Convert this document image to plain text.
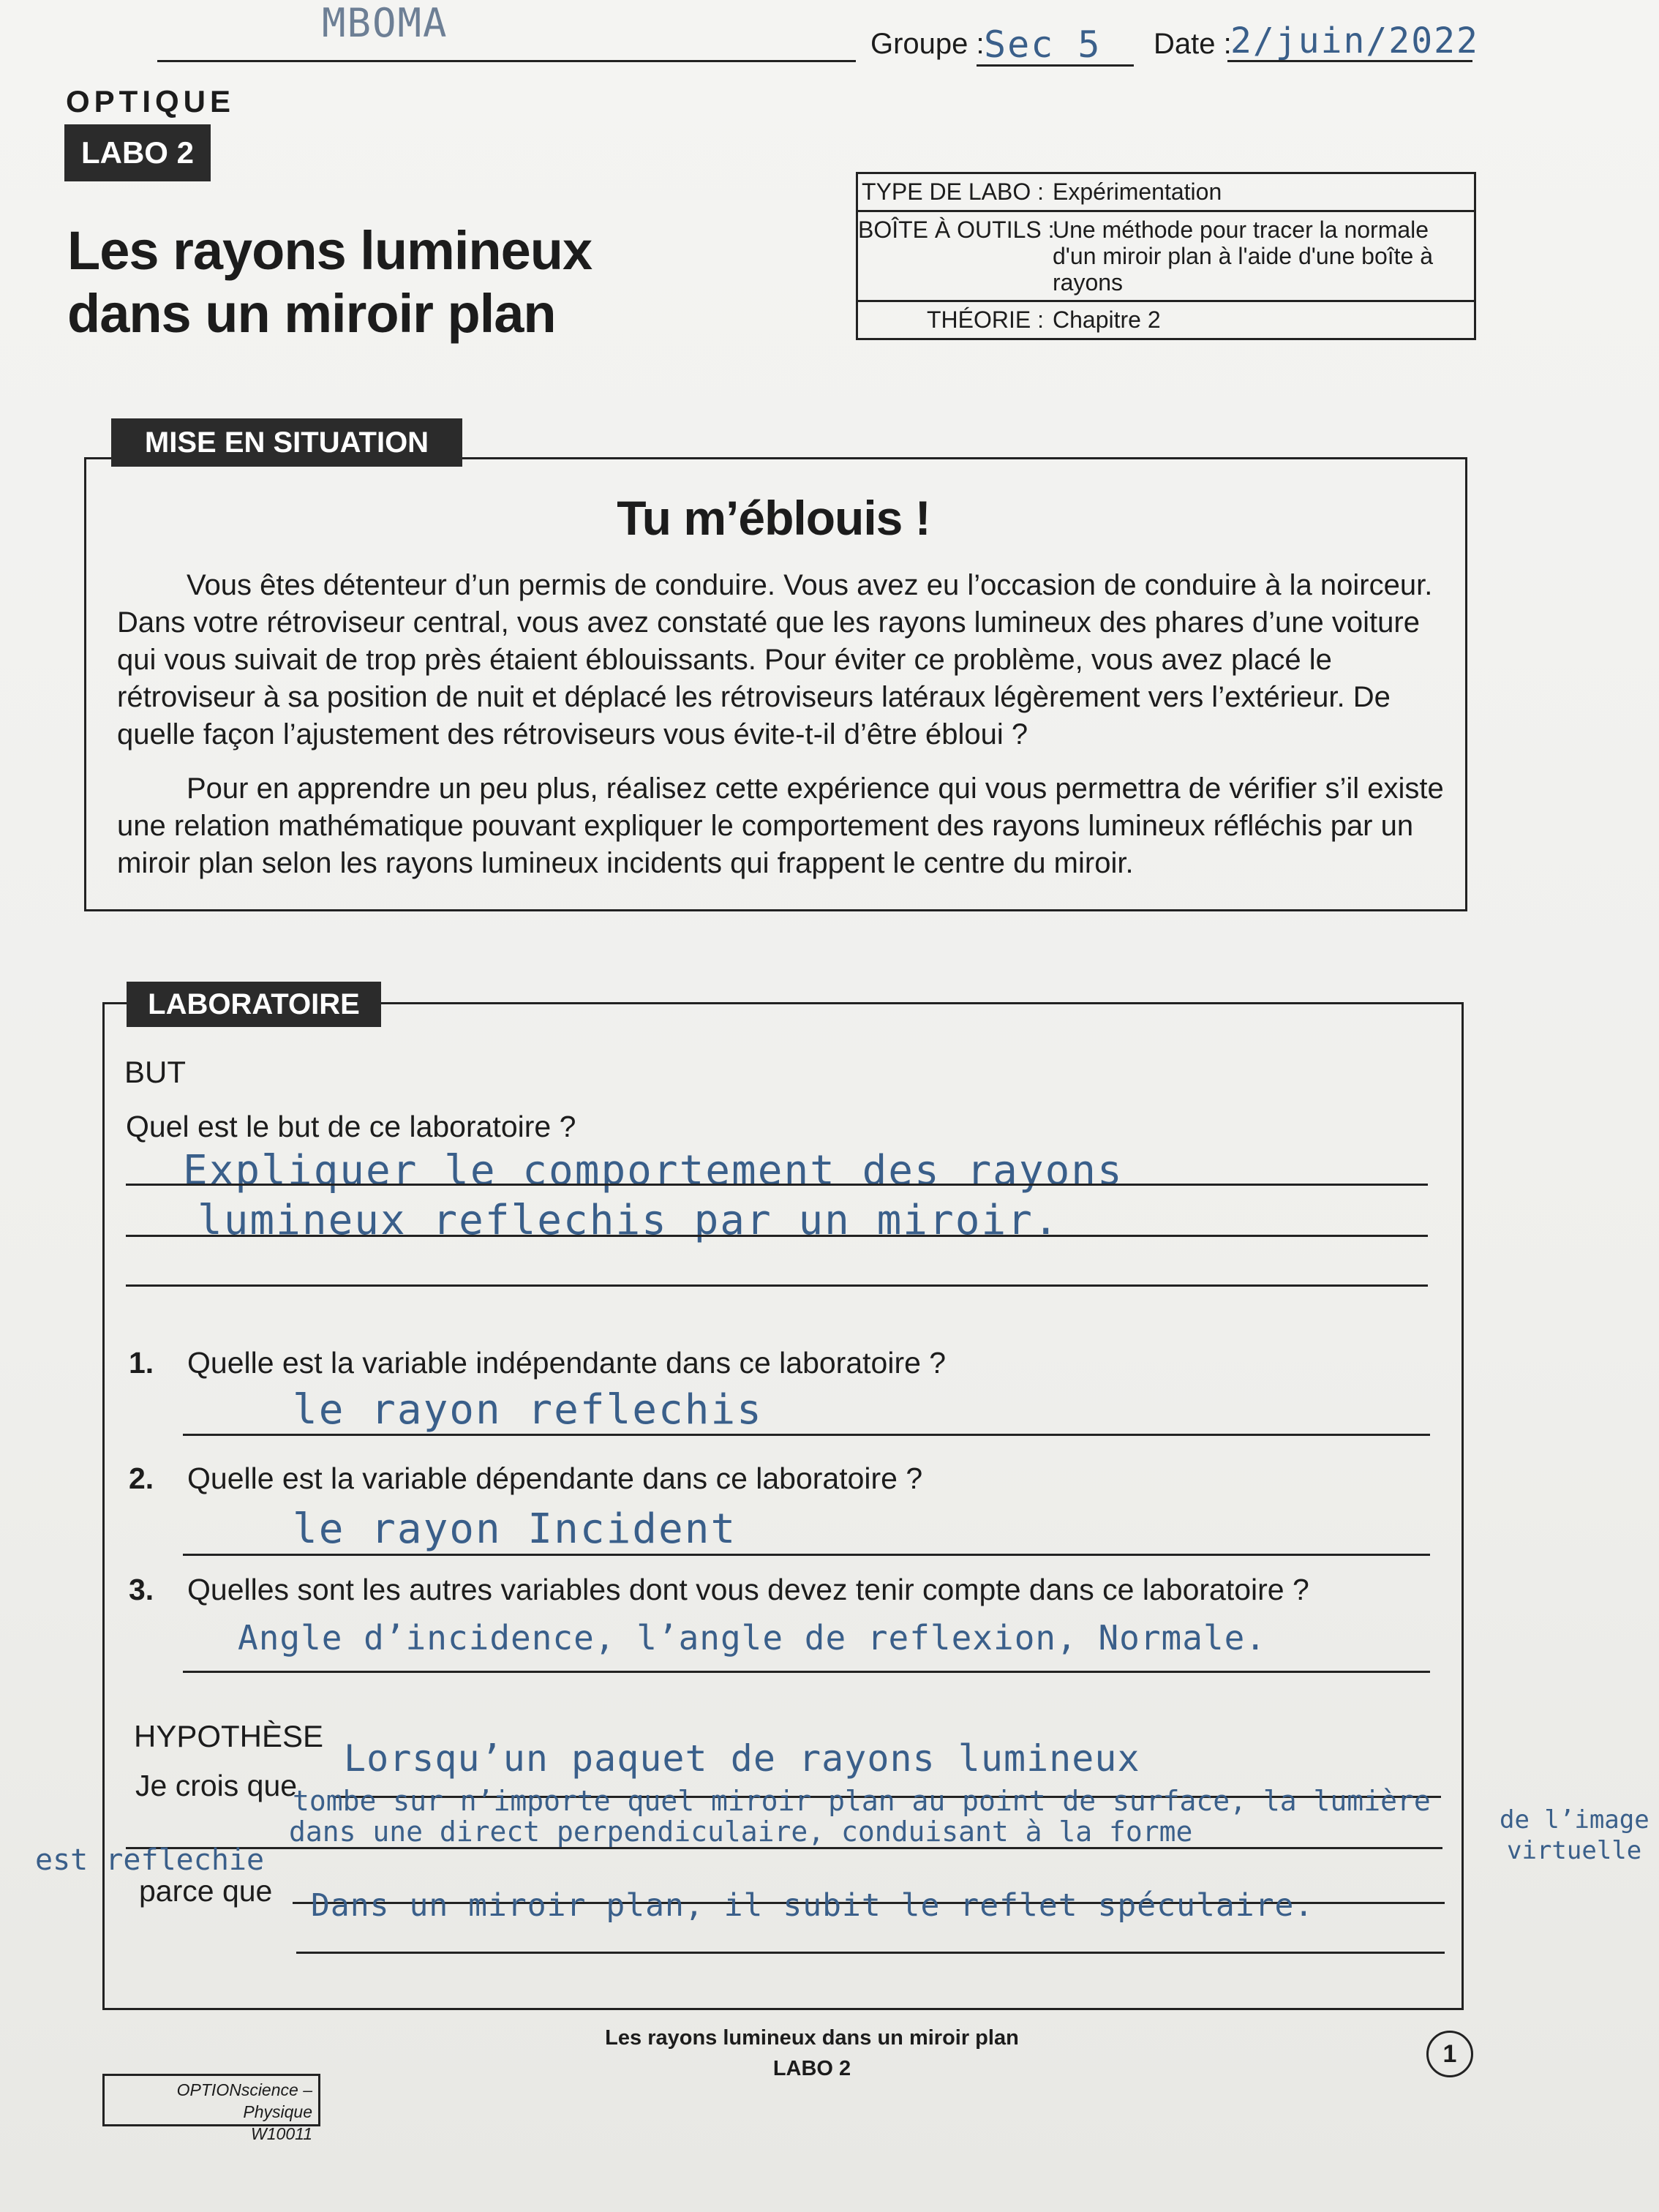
MBOMA	Groupe : Sec 5 Date :
2/juin/2022
OPTIQUE
LABO 2
Les rayons lumineux
dans un miroir plan
TYPE DE LABO : Expérimentation
BOÎTE À OUTILS :
Une méthode pour tracer la normale d'un miroir plan à l'aide d'une boîte à rayons
THÉORIE : Chapitre 2
MISE EN SITUATION
Tu m’éblouis !
Vous êtes détenteur d’un permis de conduire. Vous avez eu l’occasion de conduire à la noirceur. Dans votre rétroviseur central, vous avez constaté que les rayons lumineux des phares d’une voiture qui vous suivait de trop près étaient éblouissants. Pour éviter ce problème, vous avez placé le rétroviseur à sa position de nuit et déplacé les rétroviseurs latéraux légèrement vers l’extérieur. De quelle façon l’ajustement des rétroviseurs vous évite-t-il d’être ébloui ?
Pour en apprendre un peu plus, réalisez cette expérience qui vous permettra de vérifier s’il existe une relation mathématique pouvant expliquer le comportement des rayons lumineux réfléchis par un miroir plan selon les rayons lumineux incidents qui frappent le centre du miroir.
LABORATOIRE
BUT
Quel est le but de ce laboratoire ?
Expliquer le comportement des rayons
lumineux reflechis par un miroir.
1. Quelle est la variable indépendante dans ce laboratoire ?
le rayon reflechis
2. Quelle est la variable dépendante dans ce laboratoire ?
le rayon Incident
3. Quelles sont les autres variables dont vous devez tenir compte dans ce laboratoire ?
Angle d’incidence, l’angle de reflexion, Normale.
HYPOTHÈSE
Je crois que
Lorsqu’un paquet de rayons lumineux
tombe sur n’importe quel miroir plan au point de surface, la lumière
de l’image
virtuelle
est reflechie
dans une direct perpendiculaire, conduisant à la forme
parce que Dans un miroir plan, il subit le reflet spéculaire.
OPTIONscience – Physique
W10011
Les rayons lumineux dans un miroir plan
LABO 2
1
